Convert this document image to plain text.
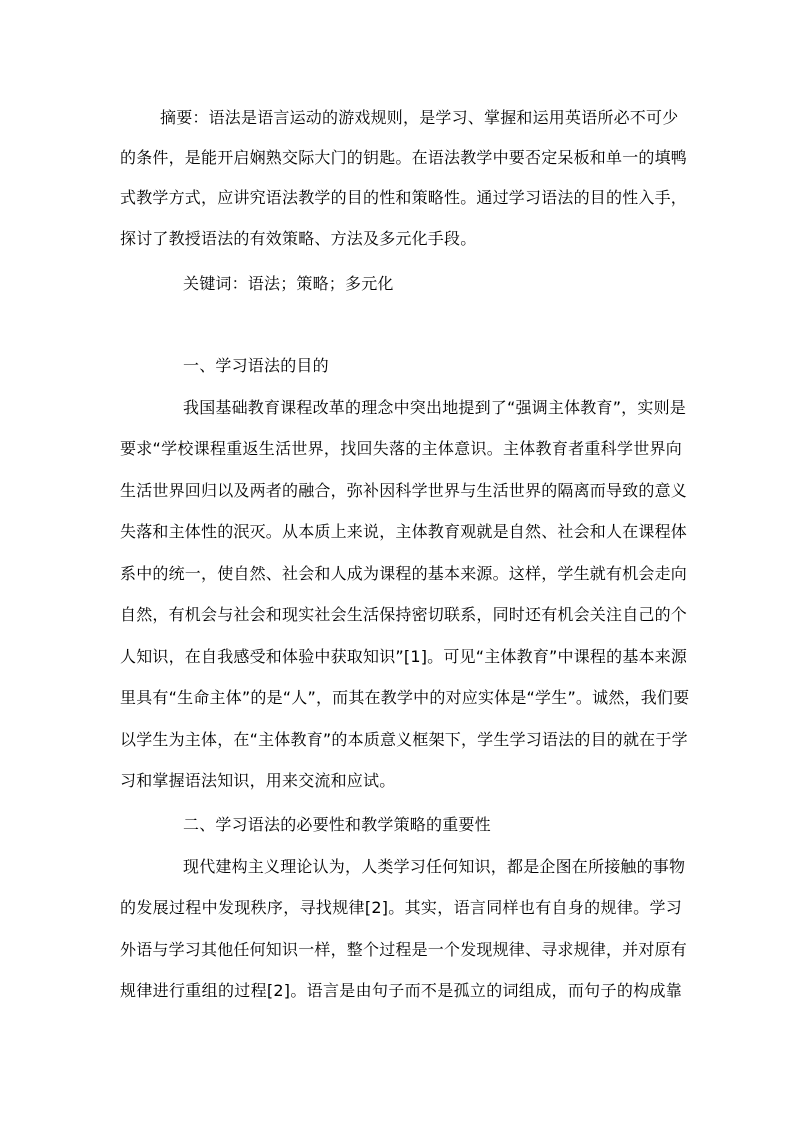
摘要：语法是语言运动的游戏规则，是学习、掌握和运用英语所必不可少
的条件，是能开启娴熟交际大门的钥匙。在语法教学中要否定呆板和单一的填鸭
式教学方式，应讲究语法教学的目的性和策略性。通过学习语法的目的性入手，
探讨了教授语法的有效策略、方法及多元化手段。
关键词：语法；策略；多元化
一、学习语法的目的
我国基础教育课程改革的理念中突出地提到了“强调主体教育”，实则是
要求“学校课程重返生活世界，找回失落的主体意识。主体教育者重科学世界向
生活世界回归以及两者的融合，弥补因科学世界与生活世界的隔离而导致的意义
失落和主体性的泯灭。从本质上来说，主体教育观就是自然、社会和人在课程体
系中的统一，使自然、社会和人成为课程的基本来源。这样，学生就有机会走向
自然，有机会与社会和现实社会生活保持密切联系，同时还有机会关注自己的个
人知识，在自我感受和体验中获取知识”[1]。可见“主体教育”中课程的基本来源
里具有“生命主体”的是“人”，而其在教学中的对应实体是“学生”。诚然，我们要
以学生为主体，在“主体教育”的本质意义框架下，学生学习语法的目的就在于学
习和掌握语法知识，用来交流和应试。
二、学习语法的必要性和教学策略的重要性
现代建构主义理论认为，人类学习任何知识，都是企图在所接触的事物
的发展过程中发现秩序，寻找规律[2]。其实，语言同样也有自身的规律。学习
外语与学习其他任何知识一样，整个过程是一个发现规律、寻求规律，并对原有
规律进行重组的过程[2]。语言是由句子而不是孤立的词组成，而句子的构成靠
